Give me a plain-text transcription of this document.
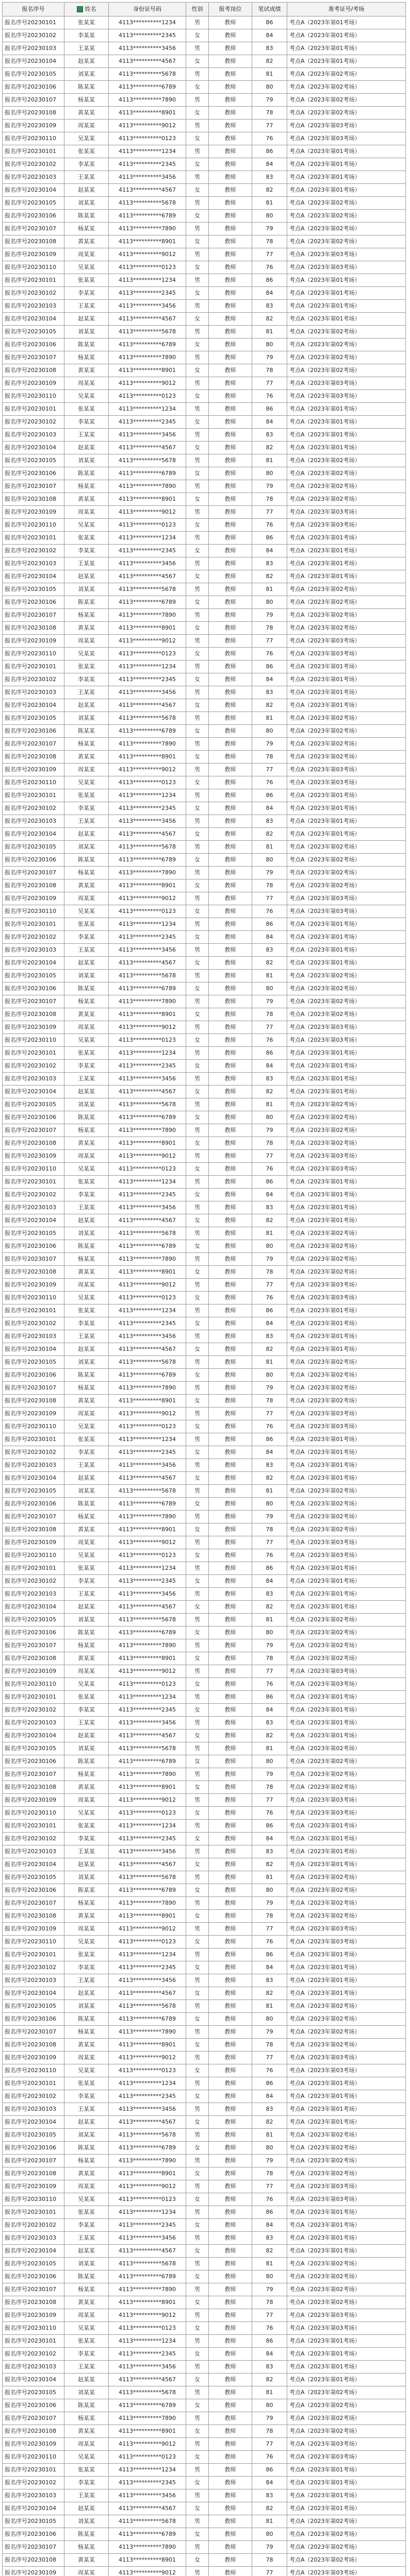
报名序号	姓名	身份证号码	性别	报考岗位	笔试成绩	准考证号/考场
报名序号20230101	张某某	4113**********1234	男	教师	86	考点A（2023年第01考场）
报名序号20230102	李某某	4113**********2345	女	教师	84	考点A（2023年第01考场）
报名序号20230103	王某某	4113**********3456	男	教师	83	考点A（2023年第01考场）
报名序号20230104	赵某某	4113**********4567	女	教师	82	考点A（2023年第01考场）
报名序号20230105	刘某某	4113**********5678	男	教师	81	考点A（2023年第02考场）
报名序号20230106	陈某某	4113**********6789	女	教师	80	考点A（2023年第02考场）
报名序号20230107	杨某某	4113**********7890	男	教师	79	考点A（2023年第02考场）
报名序号20230108	黄某某	4113**********8901	女	教师	78	考点A（2023年第02考场）
报名序号20230109	周某某	4113**********9012	男	教师	77	考点A（2023年第03考场）
报名序号20230110	吴某某	4113**********0123	女	教师	76	考点A（2023年第03考场）
报名序号20230101	张某某	4113**********1234	男	教师	86	考点A（2023年第01考场）
报名序号20230102	李某某	4113**********2345	女	教师	84	考点A（2023年第01考场）
报名序号20230103	王某某	4113**********3456	男	教师	83	考点A（2023年第01考场）
报名序号20230104	赵某某	4113**********4567	女	教师	82	考点A（2023年第01考场）
报名序号20230105	刘某某	4113**********5678	男	教师	81	考点A（2023年第02考场）
报名序号20230106	陈某某	4113**********6789	女	教师	80	考点A（2023年第02考场）
报名序号20230107	杨某某	4113**********7890	男	教师	79	考点A（2023年第02考场）
报名序号20230108	黄某某	4113**********8901	女	教师	78	考点A（2023年第02考场）
报名序号20230109	周某某	4113**********9012	男	教师	77	考点A（2023年第03考场）
报名序号20230110	吴某某	4113**********0123	女	教师	76	考点A（2023年第03考场）
报名序号20230101	张某某	4113**********1234	男	教师	86	考点A（2023年第01考场）
报名序号20230102	李某某	4113**********2345	女	教师	84	考点A（2023年第01考场）
报名序号20230103	王某某	4113**********3456	男	教师	83	考点A（2023年第01考场）
报名序号20230104	赵某某	4113**********4567	女	教师	82	考点A（2023年第01考场）
报名序号20230105	刘某某	4113**********5678	男	教师	81	考点A（2023年第02考场）
报名序号20230106	陈某某	4113**********6789	女	教师	80	考点A（2023年第02考场）
报名序号20230107	杨某某	4113**********7890	男	教师	79	考点A（2023年第02考场）
报名序号20230108	黄某某	4113**********8901	女	教师	78	考点A（2023年第02考场）
报名序号20230109	周某某	4113**********9012	男	教师	77	考点A（2023年第03考场）
报名序号20230110	吴某某	4113**********0123	女	教师	76	考点A（2023年第03考场）
报名序号20230101	张某某	4113**********1234	男	教师	86	考点A（2023年第01考场）
报名序号20230102	李某某	4113**********2345	女	教师	84	考点A（2023年第01考场）
报名序号20230103	王某某	4113**********3456	男	教师	83	考点A（2023年第01考场）
报名序号20230104	赵某某	4113**********4567	女	教师	82	考点A（2023年第01考场）
报名序号20230105	刘某某	4113**********5678	男	教师	81	考点A（2023年第02考场）
报名序号20230106	陈某某	4113**********6789	女	教师	80	考点A（2023年第02考场）
报名序号20230107	杨某某	4113**********7890	男	教师	79	考点A（2023年第02考场）
报名序号20230108	黄某某	4113**********8901	女	教师	78	考点A（2023年第02考场）
报名序号20230109	周某某	4113**********9012	男	教师	77	考点A（2023年第03考场）
报名序号20230110	吴某某	4113**********0123	女	教师	76	考点A（2023年第03考场）
报名序号20230101	张某某	4113**********1234	男	教师	86	考点A（2023年第01考场）
报名序号20230102	李某某	4113**********2345	女	教师	84	考点A（2023年第01考场）
报名序号20230103	王某某	4113**********3456	男	教师	83	考点A（2023年第01考场）
报名序号20230104	赵某某	4113**********4567	女	教师	82	考点A（2023年第01考场）
报名序号20230105	刘某某	4113**********5678	男	教师	81	考点A（2023年第02考场）
报名序号20230106	陈某某	4113**********6789	女	教师	80	考点A（2023年第02考场）
报名序号20230107	杨某某	4113**********7890	男	教师	79	考点A（2023年第02考场）
报名序号20230108	黄某某	4113**********8901	女	教师	78	考点A（2023年第02考场）
报名序号20230109	周某某	4113**********9012	男	教师	77	考点A（2023年第03考场）
报名序号20230110	吴某某	4113**********0123	女	教师	76	考点A（2023年第03考场）
报名序号20230101	张某某	4113**********1234	男	教师	86	考点A（2023年第01考场）
报名序号20230102	李某某	4113**********2345	女	教师	84	考点A（2023年第01考场）
报名序号20230103	王某某	4113**********3456	男	教师	83	考点A（2023年第01考场）
报名序号20230104	赵某某	4113**********4567	女	教师	82	考点A（2023年第01考场）
报名序号20230105	刘某某	4113**********5678	男	教师	81	考点A（2023年第02考场）
报名序号20230106	陈某某	4113**********6789	女	教师	80	考点A（2023年第02考场）
报名序号20230107	杨某某	4113**********7890	男	教师	79	考点A（2023年第02考场）
报名序号20230108	黄某某	4113**********8901	女	教师	78	考点A（2023年第02考场）
报名序号20230109	周某某	4113**********9012	男	教师	77	考点A（2023年第03考场）
报名序号20230110	吴某某	4113**********0123	女	教师	76	考点A（2023年第03考场）
报名序号20230101	张某某	4113**********1234	男	教师	86	考点A（2023年第01考场）
报名序号20230102	李某某	4113**********2345	女	教师	84	考点A（2023年第01考场）
报名序号20230103	王某某	4113**********3456	男	教师	83	考点A（2023年第01考场）
报名序号20230104	赵某某	4113**********4567	女	教师	82	考点A（2023年第01考场）
报名序号20230105	刘某某	4113**********5678	男	教师	81	考点A（2023年第02考场）
报名序号20230106	陈某某	4113**********6789	女	教师	80	考点A（2023年第02考场）
报名序号20230107	杨某某	4113**********7890	男	教师	79	考点A（2023年第02考场）
报名序号20230108	黄某某	4113**********8901	女	教师	78	考点A（2023年第02考场）
报名序号20230109	周某某	4113**********9012	男	教师	77	考点A（2023年第03考场）
报名序号20230110	吴某某	4113**********0123	女	教师	76	考点A（2023年第03考场）
报名序号20230101	张某某	4113**********1234	男	教师	86	考点A（2023年第01考场）
报名序号20230102	李某某	4113**********2345	女	教师	84	考点A（2023年第01考场）
报名序号20230103	王某某	4113**********3456	男	教师	83	考点A（2023年第01考场）
报名序号20230104	赵某某	4113**********4567	女	教师	82	考点A（2023年第01考场）
报名序号20230105	刘某某	4113**********5678	男	教师	81	考点A（2023年第02考场）
报名序号20230106	陈某某	4113**********6789	女	教师	80	考点A（2023年第02考场）
报名序号20230107	杨某某	4113**********7890	男	教师	79	考点A（2023年第02考场）
报名序号20230108	黄某某	4113**********8901	女	教师	78	考点A（2023年第02考场）
报名序号20230109	周某某	4113**********9012	男	教师	77	考点A（2023年第03考场）
报名序号20230110	吴某某	4113**********0123	女	教师	76	考点A（2023年第03考场）
报名序号20230101	张某某	4113**********1234	男	教师	86	考点A（2023年第01考场）
报名序号20230102	李某某	4113**********2345	女	教师	84	考点A（2023年第01考场）
报名序号20230103	王某某	4113**********3456	男	教师	83	考点A（2023年第01考场）
报名序号20230104	赵某某	4113**********4567	女	教师	82	考点A（2023年第01考场）
报名序号20230105	刘某某	4113**********5678	男	教师	81	考点A（2023年第02考场）
报名序号20230106	陈某某	4113**********6789	女	教师	80	考点A（2023年第02考场）
报名序号20230107	杨某某	4113**********7890	男	教师	79	考点A（2023年第02考场）
报名序号20230108	黄某某	4113**********8901	女	教师	78	考点A（2023年第02考场）
报名序号20230109	周某某	4113**********9012	男	教师	77	考点A（2023年第03考场）
报名序号20230110	吴某某	4113**********0123	女	教师	76	考点A（2023年第03考场）
报名序号20230101	张某某	4113**********1234	男	教师	86	考点A（2023年第01考场）
报名序号20230102	李某某	4113**********2345	女	教师	84	考点A（2023年第01考场）
报名序号20230103	王某某	4113**********3456	男	教师	83	考点A（2023年第01考场）
报名序号20230104	赵某某	4113**********4567	女	教师	82	考点A（2023年第01考场）
报名序号20230105	刘某某	4113**********5678	男	教师	81	考点A（2023年第02考场）
报名序号20230106	陈某某	4113**********6789	女	教师	80	考点A（2023年第02考场）
报名序号20230107	杨某某	4113**********7890	男	教师	79	考点A（2023年第02考场）
报名序号20230108	黄某某	4113**********8901	女	教师	78	考点A（2023年第02考场）
报名序号20230109	周某某	4113**********9012	男	教师	77	考点A（2023年第03考场）
报名序号20230110	吴某某	4113**********0123	女	教师	76	考点A（2023年第03考场）
报名序号20230101	张某某	4113**********1234	男	教师	86	考点A（2023年第01考场）
报名序号20230102	李某某	4113**********2345	女	教师	84	考点A（2023年第01考场）
报名序号20230103	王某某	4113**********3456	男	教师	83	考点A（2023年第01考场）
报名序号20230104	赵某某	4113**********4567	女	教师	82	考点A（2023年第01考场）
报名序号20230105	刘某某	4113**********5678	男	教师	81	考点A（2023年第02考场）
报名序号20230106	陈某某	4113**********6789	女	教师	80	考点A（2023年第02考场）
报名序号20230107	杨某某	4113**********7890	男	教师	79	考点A（2023年第02考场）
报名序号20230108	黄某某	4113**********8901	女	教师	78	考点A（2023年第02考场）
报名序号20230109	周某某	4113**********9012	男	教师	77	考点A（2023年第03考场）
报名序号20230110	吴某某	4113**********0123	女	教师	76	考点A（2023年第03考场）
报名序号20230101	张某某	4113**********1234	男	教师	86	考点A（2023年第01考场）
报名序号20230102	李某某	4113**********2345	女	教师	84	考点A（2023年第01考场）
报名序号20230103	王某某	4113**********3456	男	教师	83	考点A（2023年第01考场）
报名序号20230104	赵某某	4113**********4567	女	教师	82	考点A（2023年第01考场）
报名序号20230105	刘某某	4113**********5678	男	教师	81	考点A（2023年第02考场）
报名序号20230106	陈某某	4113**********6789	女	教师	80	考点A（2023年第02考场）
报名序号20230107	杨某某	4113**********7890	男	教师	79	考点A（2023年第02考场）
报名序号20230108	黄某某	4113**********8901	女	教师	78	考点A（2023年第02考场）
报名序号20230109	周某某	4113**********9012	男	教师	77	考点A（2023年第03考场）
报名序号20230110	吴某某	4113**********0123	女	教师	76	考点A（2023年第03考场）
报名序号20230101	张某某	4113**********1234	男	教师	86	考点A（2023年第01考场）
报名序号20230102	李某某	4113**********2345	女	教师	84	考点A（2023年第01考场）
报名序号20230103	王某某	4113**********3456	男	教师	83	考点A（2023年第01考场）
报名序号20230104	赵某某	4113**********4567	女	教师	82	考点A（2023年第01考场）
报名序号20230105	刘某某	4113**********5678	男	教师	81	考点A（2023年第02考场）
报名序号20230106	陈某某	4113**********6789	女	教师	80	考点A（2023年第02考场）
报名序号20230107	杨某某	4113**********7890	男	教师	79	考点A（2023年第02考场）
报名序号20230108	黄某某	4113**********8901	女	教师	78	考点A（2023年第02考场）
报名序号20230109	周某某	4113**********9012	男	教师	77	考点A（2023年第03考场）
报名序号20230110	吴某某	4113**********0123	女	教师	76	考点A（2023年第03考场）
报名序号20230101	张某某	4113**********1234	男	教师	86	考点A（2023年第01考场）
报名序号20230102	李某某	4113**********2345	女	教师	84	考点A（2023年第01考场）
报名序号20230103	王某某	4113**********3456	男	教师	83	考点A（2023年第01考场）
报名序号20230104	赵某某	4113**********4567	女	教师	82	考点A（2023年第01考场）
报名序号20230105	刘某某	4113**********5678	男	教师	81	考点A（2023年第02考场）
报名序号20230106	陈某某	4113**********6789	女	教师	80	考点A（2023年第02考场）
报名序号20230107	杨某某	4113**********7890	男	教师	79	考点A（2023年第02考场）
报名序号20230108	黄某某	4113**********8901	女	教师	78	考点A（2023年第02考场）
报名序号20230109	周某某	4113**********9012	男	教师	77	考点A（2023年第03考场）
报名序号20230110	吴某某	4113**********0123	女	教师	76	考点A（2023年第03考场）
报名序号20230101	张某某	4113**********1234	男	教师	86	考点A（2023年第01考场）
报名序号20230102	李某某	4113**********2345	女	教师	84	考点A（2023年第01考场）
报名序号20230103	王某某	4113**********3456	男	教师	83	考点A（2023年第01考场）
报名序号20230104	赵某某	4113**********4567	女	教师	82	考点A（2023年第01考场）
报名序号20230105	刘某某	4113**********5678	男	教师	81	考点A（2023年第02考场）
报名序号20230106	陈某某	4113**********6789	女	教师	80	考点A（2023年第02考场）
报名序号20230107	杨某某	4113**********7890	男	教师	79	考点A（2023年第02考场）
报名序号20230108	黄某某	4113**********8901	女	教师	78	考点A（2023年第02考场）
报名序号20230109	周某某	4113**********9012	男	教师	77	考点A（2023年第03考场）
报名序号20230110	吴某某	4113**********0123	女	教师	76	考点A（2023年第03考场）
报名序号20230101	张某某	4113**********1234	男	教师	86	考点A（2023年第01考场）
报名序号20230102	李某某	4113**********2345	女	教师	84	考点A（2023年第01考场）
报名序号20230103	王某某	4113**********3456	男	教师	83	考点A（2023年第01考场）
报名序号20230104	赵某某	4113**********4567	女	教师	82	考点A（2023年第01考场）
报名序号20230105	刘某某	4113**********5678	男	教师	81	考点A（2023年第02考场）
报名序号20230106	陈某某	4113**********6789	女	教师	80	考点A（2023年第02考场）
报名序号20230107	杨某某	4113**********7890	男	教师	79	考点A（2023年第02考场）
报名序号20230108	黄某某	4113**********8901	女	教师	78	考点A（2023年第02考场）
报名序号20230109	周某某	4113**********9012	男	教师	77	考点A（2023年第03考场）
报名序号20230110	吴某某	4113**********0123	女	教师	76	考点A（2023年第03考场）
报名序号20230101	张某某	4113**********1234	男	教师	86	考点A（2023年第01考场）
报名序号20230102	李某某	4113**********2345	女	教师	84	考点A（2023年第01考场）
报名序号20230103	王某某	4113**********3456	男	教师	83	考点A（2023年第01考场）
报名序号20230104	赵某某	4113**********4567	女	教师	82	考点A（2023年第01考场）
报名序号20230105	刘某某	4113**********5678	男	教师	81	考点A（2023年第02考场）
报名序号20230106	陈某某	4113**********6789	女	教师	80	考点A（2023年第02考场）
报名序号20230107	杨某某	4113**********7890	男	教师	79	考点A（2023年第02考场）
报名序号20230108	黄某某	4113**********8901	女	教师	78	考点A（2023年第02考场）
报名序号20230109	周某某	4113**********9012	男	教师	77	考点A（2023年第03考场）
报名序号20230110	吴某某	4113**********0123	女	教师	76	考点A（2023年第03考场）
报名序号20230101	张某某	4113**********1234	男	教师	86	考点A（2023年第01考场）
报名序号20230102	李某某	4113**********2345	女	教师	84	考点A（2023年第01考场）
报名序号20230103	王某某	4113**********3456	男	教师	83	考点A（2023年第01考场）
报名序号20230104	赵某某	4113**********4567	女	教师	82	考点A（2023年第01考场）
报名序号20230105	刘某某	4113**********5678	男	教师	81	考点A（2023年第02考场）
报名序号20230106	陈某某	4113**********6789	女	教师	80	考点A（2023年第02考场）
报名序号20230107	杨某某	4113**********7890	男	教师	79	考点A（2023年第02考场）
报名序号20230108	黄某某	4113**********8901	女	教师	78	考点A（2023年第02考场）
报名序号20230109	周某某	4113**********9012	男	教师	77	考点A（2023年第03考场）
报名序号20230110	吴某某	4113**********0123	女	教师	76	考点A（2023年第03考场）
报名序号20230101	张某某	4113**********1234	男	教师	86	考点A（2023年第01考场）
报名序号20230102	李某某	4113**********2345	女	教师	84	考点A（2023年第01考场）
报名序号20230103	王某某	4113**********3456	男	教师	83	考点A（2023年第01考场）
报名序号20230104	赵某某	4113**********4567	女	教师	82	考点A（2023年第01考场）
报名序号20230105	刘某某	4113**********5678	男	教师	81	考点A（2023年第02考场）
报名序号20230106	陈某某	4113**********6789	女	教师	80	考点A（2023年第02考场）
报名序号20230107	杨某某	4113**********7890	男	教师	79	考点A（2023年第02考场）
报名序号20230108	黄某某	4113**********8901	女	教师	78	考点A（2023年第02考场）
报名序号20230109	周某某	4113**********9012	男	教师	77	考点A（2023年第03考场）
报名序号20230110	吴某某	4113**********0123	女	教师	76	考点A（2023年第03考场）
报名序号20230101	张某某	4113**********1234	男	教师	86	考点A（2023年第01考场）
报名序号20230102	李某某	4113**********2345	女	教师	84	考点A（2023年第01考场）
报名序号20230103	王某某	4113**********3456	男	教师	83	考点A（2023年第01考场）
报名序号20230104	赵某某	4113**********4567	女	教师	82	考点A（2023年第01考场）
报名序号20230105	刘某某	4113**********5678	男	教师	81	考点A（2023年第02考场）
报名序号20230106	陈某某	4113**********6789	女	教师	80	考点A（2023年第02考场）
报名序号20230107	杨某某	4113**********7890	男	教师	79	考点A（2023年第02考场）
报名序号20230108	黄某某	4113**********8901	女	教师	78	考点A（2023年第02考场）
报名序号20230109	周某某	4113**********9012	男	教师	77	考点A（2023年第03考场）
